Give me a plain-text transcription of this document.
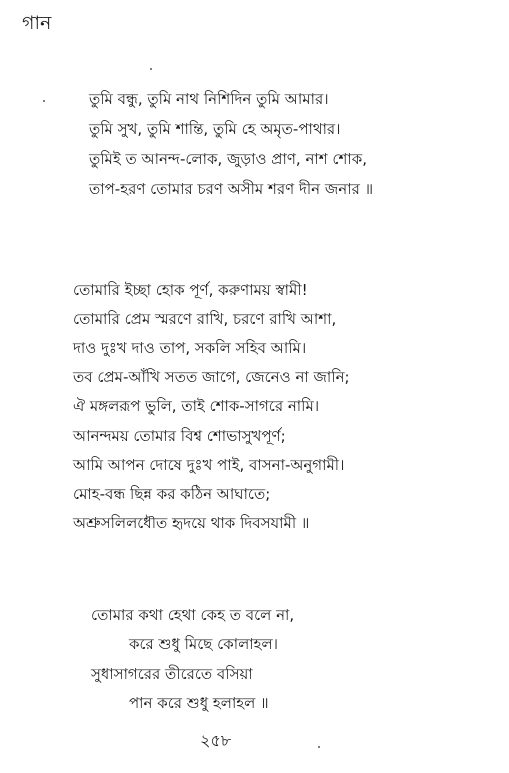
গান
তুমি বন্ধু, তুমি নাথ নিশিদিন তুমি আমার।
তুমি সুখ, তুমি শান্তি, তুমি হে অমৃত-পাথার।
তুমিই ত আনন্দ-লোক, জুড়াও প্রাণ, নাশ শোক,
তাপ-হরণ তোমার চরণ অসীম শরণ দীন জনার ॥
তোমারি ইচ্ছা হোক পূর্ণ, করুণাময় স্বামী!
তোমারি প্রেম স্মরণে রাখি, চরণে রাখি আশা,
দাও দুঃখ দাও তাপ, সকলি সহিব আমি।
তব প্রেম-আঁখি সতত জাগে, জেনেও না জানি;
ঐ মঙ্গলরূপ ভুলি, তাই শোক-সাগরে নামি।
আনন্দময় তোমার বিশ্ব শোভাসুখপূর্ণ;
আমি আপন দোষে দুঃখ পাই, বাসনা-অনুগামী।
মোহ-বন্ধ ছিন্ন কর কঠিন আঘাতে;
অশ্রুসলিলধৌত হৃদয়ে থাক দিবসযামী ॥
তোমার কথা হেথা কেহ ত বলে না,
করে শুধু মিছে কোলাহল।
সুধাসাগরের তীরেতে বসিয়া
পান করে শুধু হলাহল ॥
২৫৮
